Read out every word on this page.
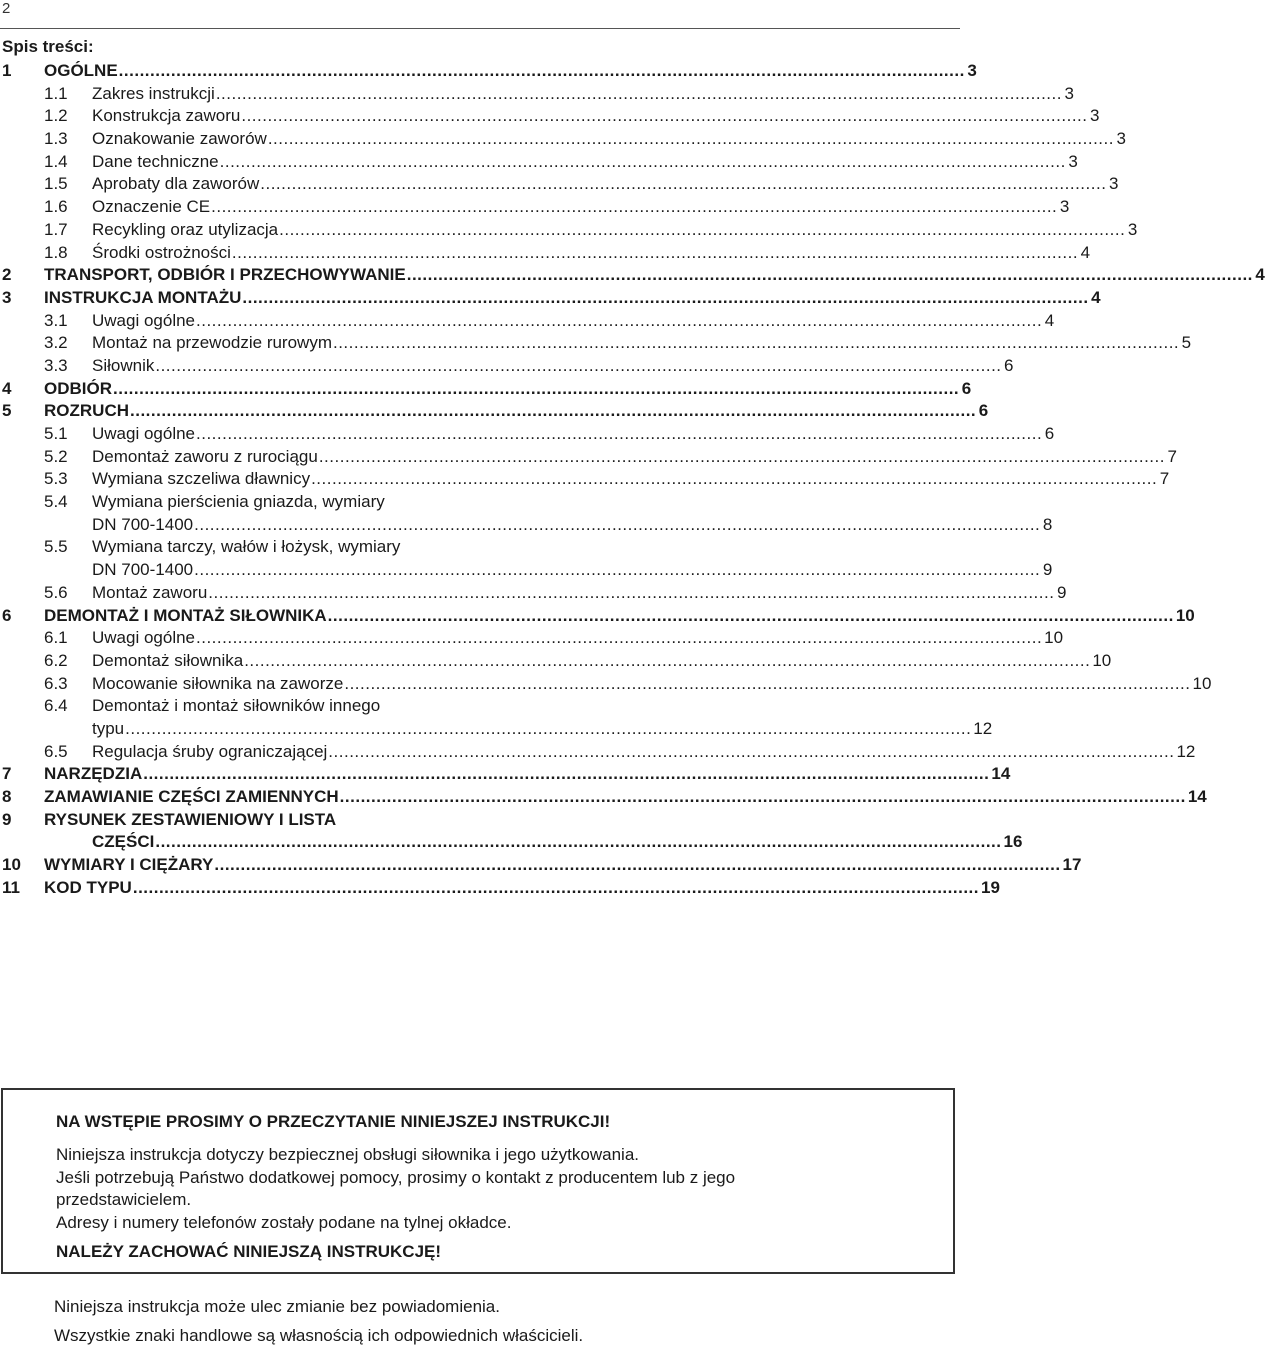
2
Spis treści:
1	OGÓLNE .....	3
1.1	Zakres instrukcji .....	3
1.2	Konstrukcja zaworu .....	3
1.3	Oznakowanie zaworów .....	3
1.4	Dane techniczne .....	3
1.5	Aprobaty dla zaworów .....	3
1.6	Oznaczenie CE .....	3
1.7	Recykling oraz utylizacja .....	3
1.8	Środki ostrożności .....	4
2	TRANSPORT, ODBIÓR I PRZECHOWYWANIE .....	4
3	INSTRUKCJA MONTAŻU .....	4
3.1	Uwagi ogólne .....	4
3.2	Montaż na przewodzie rurowym .....	5
3.3	Siłownik .....	6
4	ODBIÓR .....	6
5	ROZRUCH .....	6
5.1	Uwagi ogólne .....	6
5.2	Demontaż zaworu z rurociągu .....	7
5.3	Wymiana szczeliwa dławnicy .....	7
5.4	Wymiana pierścienia gniazda, wymiary
DN 700-1400 .....	8
5.5	Wymiana tarczy, wałów i łożysk, wymiary
DN 700-1400 .....	9
5.6	Montaż zaworu .....	9
6	DEMONTAŻ I MONTAŻ SIŁOWNIKA .....	10
6.1	Uwagi ogólne .....	10
6.2	Demontaż siłownika .....	10
6.3	Mocowanie siłownika na zaworze .....	10
6.4	Demontaż i montaż siłowników innego
typu .....	12
6.5	Regulacja śruby ograniczającej .....	12
7	NARZĘDZIA .....	14
8	ZAMAWIANIE CZĘŚCI ZAMIENNYCH .....	14
9	RYSUNEK ZESTAWIENIOWY I LISTA
CZĘŚCI .....	16
10	WYMIARY I CIĘŻARY .....	17
11	KOD TYPU .....	19

NA WSTĘPIE PROSIMY O PRZECZYTANIE NINIEJSZEJ INSTRUKCJI!

Niniejsza instrukcja dotyczy bezpiecznej obsługi siłownika i jego użytkowania.
Jeśli potrzebują Państwo dodatkowej pomocy, prosimy o kontakt z producentem lub z jego
przedstawicielem.
Adresy i numery telefonów zostały podane na tylnej okładce.

NALEŻY ZACHOWAĆ NINIEJSZĄ INSTRUKCJĘ!

Niniejsza instrukcja może ulec zmianie bez powiadomienia.

Wszystkie znaki handlowe są własnością ich odpowiednich właścicieli.
